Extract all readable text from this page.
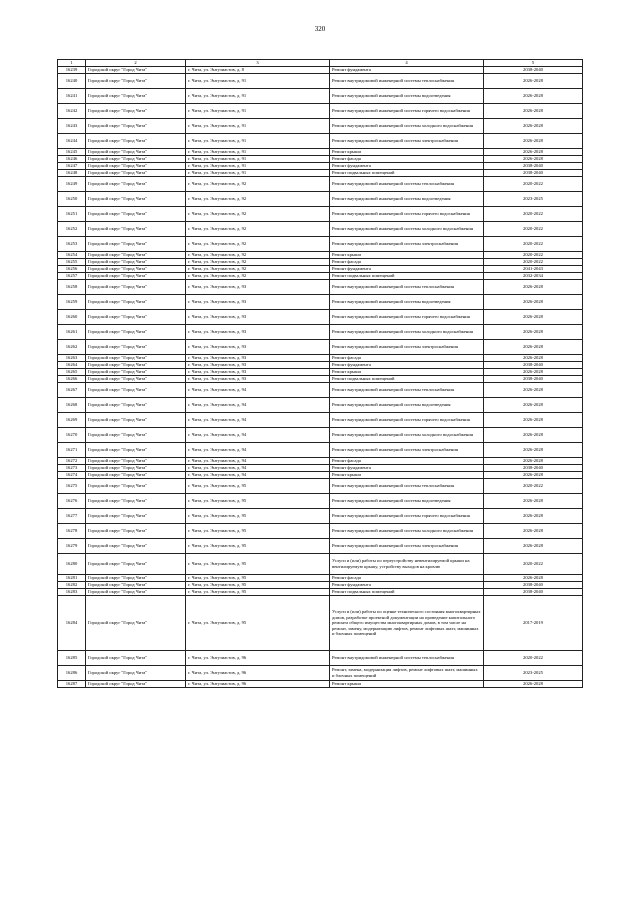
320
1	2	3	4	5
16239	Городской округ "Город Чита"	г. Чита, ул. Энтузиастов, д. 8	Ремонт фундамента	2038-2040
16240	Городской округ "Город Чита"	г. Чита, ул. Энтузиастов, д. 91	Ремонт внутридомовой инженерной системы теплоснабжения	2026-2028
16241	Городской округ "Город Чита"	г. Чита, ул. Энтузиастов, д. 91	Ремонт внутридомовой инженерной системы водоотведения	2026-2028
16242	Городской округ "Город Чита"	г. Чита, ул. Энтузиастов, д. 91	Ремонт внутридомовой инженерной системы горячего водоснабжения	2026-2028
16243	Городской округ "Город Чита"	г. Чита, ул. Энтузиастов, д. 91	Ремонт внутридомовой инженерной системы холодного водоснабжения	2026-2028
16244	Городской округ "Город Чита"	г. Чита, ул. Энтузиастов, д. 91	Ремонт внутридомовой инженерной системы электроснабжения	2026-2028
16245	Городской округ "Город Чита"	г. Чита, ул. Энтузиастов, д. 91	Ремонт крыши	2026-2028
16246	Городской округ "Город Чита"	г. Чита, ул. Энтузиастов, д. 91	Ремонт фасада	2026-2028
16247	Городской округ "Город Чита"	г. Чита, ул. Энтузиастов, д. 91	Ремонт фундамента	2038-2040
16248	Городской округ "Город Чита"	г. Чита, ул. Энтузиастов, д. 91	Ремонт подвальных помещений	2038-2040
16249	Городской округ "Город Чита"	г. Чита, ул. Энтузиастов, д. 92	Ремонт внутридомовой инженерной системы теплоснабжения	2020-2022
16250	Городской округ "Город Чита"	г. Чита, ул. Энтузиастов, д. 92	Ремонт внутридомовой инженерной системы водоотведения	2023-2025
16251	Городской округ "Город Чита"	г. Чита, ул. Энтузиастов, д. 92	Ремонт внутридомовой инженерной системы горячего водоснабжения	2020-2022
16252	Городской округ "Город Чита"	г. Чита, ул. Энтузиастов, д. 92	Ремонт внутридомовой инженерной системы холодного водоснабжения	2020-2022
16253	Городской округ "Город Чита"	г. Чита, ул. Энтузиастов, д. 92	Ремонт внутридомовой инженерной системы электроснабжения	2020-2022
16254	Городской округ "Город Чита"	г. Чита, ул. Энтузиастов, д. 92	Ремонт крыши	2020-2022
16255	Городской округ "Город Чита"	г. Чита, ул. Энтузиастов, д. 92	Ремонт фасада	2020-2022
16256	Городской округ "Город Чита"	г. Чита, ул. Энтузиастов, д. 92	Ремонт фундамента	2041-2043
16257	Городской округ "Город Чита"	г. Чита, ул. Энтузиастов, д. 92	Ремонт подвальных помещений	2032-2034
16258	Городской округ "Город Чита"	г. Чита, ул. Энтузиастов, д. 93	Ремонт внутридомовой инженерной системы теплоснабжения	2026-2028
16259	Городской округ "Город Чита"	г. Чита, ул. Энтузиастов, д. 93	Ремонт внутридомовой инженерной системы водоотведения	2026-2028
16260	Городской округ "Город Чита"	г. Чита, ул. Энтузиастов, д. 93	Ремонт внутридомовой инженерной системы горячего водоснабжения	2026-2028
16261	Городской округ "Город Чита"	г. Чита, ул. Энтузиастов, д. 93	Ремонт внутридомовой инженерной системы холодного водоснабжения	2026-2028
16262	Городской округ "Город Чита"	г. Чита, ул. Энтузиастов, д. 93	Ремонт внутридомовой инженерной системы электроснабжения	2026-2028
16263	Городской округ "Город Чита"	г. Чита, ул. Энтузиастов, д. 93	Ремонт фасада	2026-2028
16264	Городской округ "Город Чита"	г. Чита, ул. Энтузиастов, д. 93	Ремонт фундамента	2038-2040
16265	Городской округ "Город Чита"	г. Чита, ул. Энтузиастов, д. 93	Ремонт крыши	2026-2028
16266	Городской округ "Город Чита"	г. Чита, ул. Энтузиастов, д. 93	Ремонт подвальных помещений	2038-2040
16267	Городской округ "Город Чита"	г. Чита, ул. Энтузиастов, д. 94	Ремонт внутридомовой инженерной системы теплоснабжения	2026-2028
16268	Городской округ "Город Чита"	г. Чита, ул. Энтузиастов, д. 94	Ремонт внутридомовой инженерной системы водоотведения	2026-2028
16269	Городской округ "Город Чита"	г. Чита, ул. Энтузиастов, д. 94	Ремонт внутридомовой инженерной системы горячего водоснабжения	2026-2028
16270	Городской округ "Город Чита"	г. Чита, ул. Энтузиастов, д. 94	Ремонт внутридомовой инженерной системы холодного водоснабжения	2026-2028
16271	Городской округ "Город Чита"	г. Чита, ул. Энтузиастов, д. 94	Ремонт внутридомовой инженерной системы электроснабжения	2026-2028
16272	Городской округ "Город Чита"	г. Чита, ул. Энтузиастов, д. 94	Ремонт фасада	2026-2028
16273	Городской округ "Город Чита"	г. Чита, ул. Энтузиастов, д. 94	Ремонт фундамента	2038-2040
16274	Городской округ "Город Чита"	г. Чита, ул. Энтузиастов, д. 94	Ремонт крыши	2026-2028
16275	Городской округ "Город Чита"	г. Чита, ул. Энтузиастов, д. 95	Ремонт внутридомовой инженерной системы теплоснабжения	2020-2022
16276	Городской округ "Город Чита"	г. Чита, ул. Энтузиастов, д. 95	Ремонт внутридомовой инженерной системы водоотведения	2026-2028
16277	Городской округ "Город Чита"	г. Чита, ул. Энтузиастов, д. 95	Ремонт внутридомовой инженерной системы горячего водоснабжения	2026-2028
16278	Городской округ "Город Чита"	г. Чита, ул. Энтузиастов, д. 95	Ремонт внутридомовой инженерной системы холодного водоснабжения	2026-2028
16279	Городской округ "Город Чита"	г. Чита, ул. Энтузиастов, д. 95	Ремонт внутридомовой инженерной системы электроснабжения	2026-2028
16280	Городской округ "Город Чита"	г. Чита, ул. Энтузиастов, д. 95	Услуги и (или) работы по переустройству невентилируемой крыши на вентилируемую крышу, устройству выходов на кровлю	2020-2022
16281	Городской округ "Город Чита"	г. Чита, ул. Энтузиастов, д. 95	Ремонт фасада	2026-2028
16282	Городской округ "Город Чита"	г. Чита, ул. Энтузиастов, д. 95	Ремонт фундамента	2038-2040
16283	Городской округ "Город Чита"	г. Чита, ул. Энтузиастов, д. 95	Ремонт подвальных помещений	2038-2040
16284	Городской округ "Город Чита"	г. Чита, ул. Энтузиастов, д. 95	Услуги и (или) работы по оценке технического состояния многоквартирных домов, разработке проектной документации на проведение капитального ремонта общего имущества многоквартирных домов, в том числе на ремонт, замену, модернизацию лифтов, ремонт лифтовых шахт, машинных и блочных помещений	2017-2019
16285	Городской округ "Город Чита"	г. Чита, ул. Энтузиастов, д. 96	Ремонт внутридомовой инженерной системы теплоснабжения	2020-2022
16286	Городской округ "Город Чита"	г. Чита, ул. Энтузиастов, д. 96	Ремонт, замена, модернизация лифтов, ремонт лифтовых шахт, машинных и блочных помещений	2023-2025
16287	Городской округ "Город Чита"	г. Чита, ул. Энтузиастов, д. 96	Ремонт крыши	2026-2028
